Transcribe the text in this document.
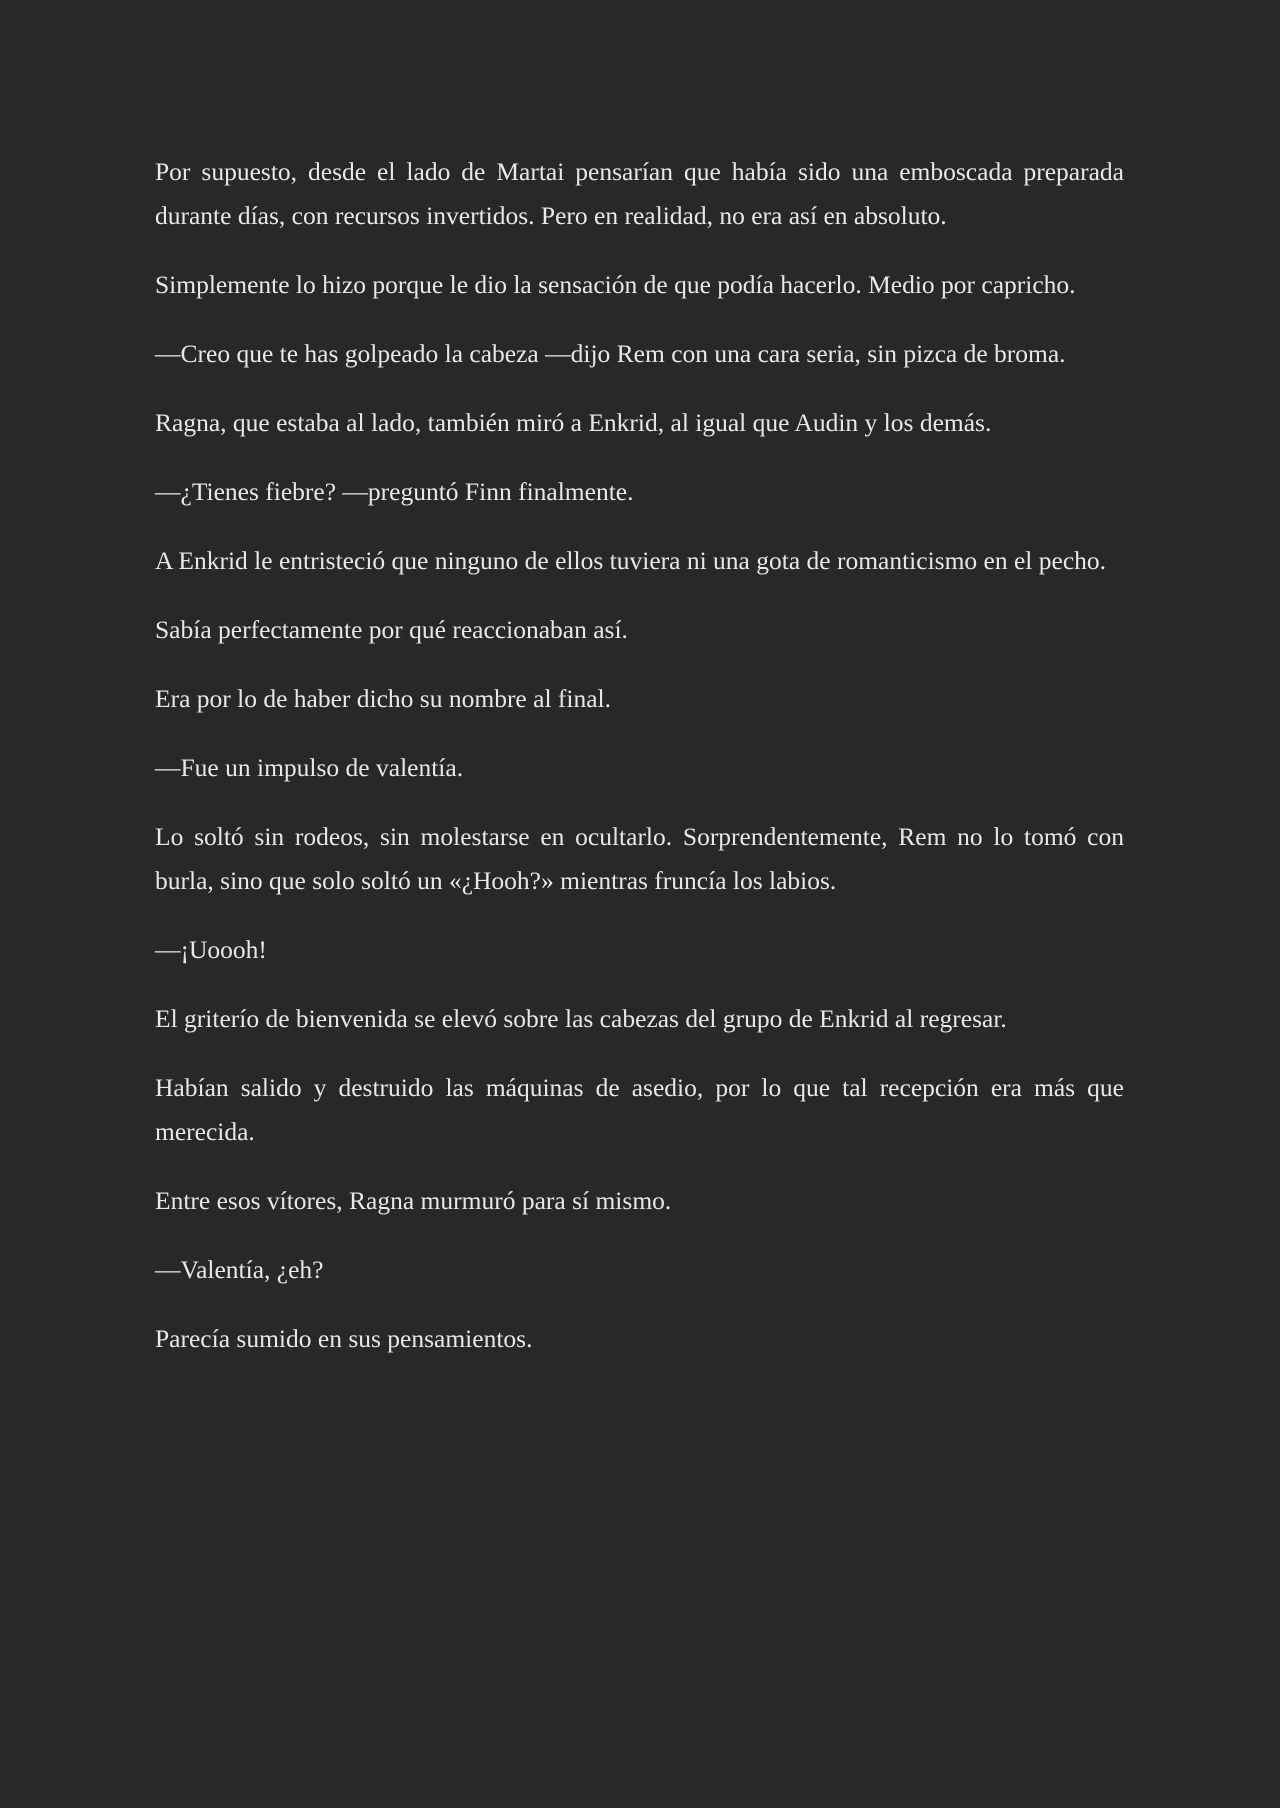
Por supuesto, desde el lado de Martai pensarían que había sido una emboscada preparada durante días, con recursos invertidos. Pero en realidad, no era así en absoluto.

Simplemente lo hizo porque le dio la sensación de que podía hacerlo. Medio por capricho.

—Creo que te has golpeado la cabeza —dijo Rem con una cara seria, sin pizca de broma.

Ragna, que estaba al lado, también miró a Enkrid, al igual que Audin y los demás.

—¿Tienes fiebre? —preguntó Finn finalmente.

A Enkrid le entristeció que ninguno de ellos tuviera ni una gota de romanticismo en el pecho.

Sabía perfectamente por qué reaccionaban así.

Era por lo de haber dicho su nombre al final.

—Fue un impulso de valentía.

Lo soltó sin rodeos, sin molestarse en ocultarlo. Sorprendentemente, Rem no lo tomó con burla, sino que solo soltó un «¿Hooh?» mientras fruncía los labios.

—¡Uoooh!

El griterío de bienvenida se elevó sobre las cabezas del grupo de Enkrid al regresar.

Habían salido y destruido las máquinas de asedio, por lo que tal recepción era más que merecida.

Entre esos vítores, Ragna murmuró para sí mismo.

—Valentía, ¿eh?

Parecía sumido en sus pensamientos.
